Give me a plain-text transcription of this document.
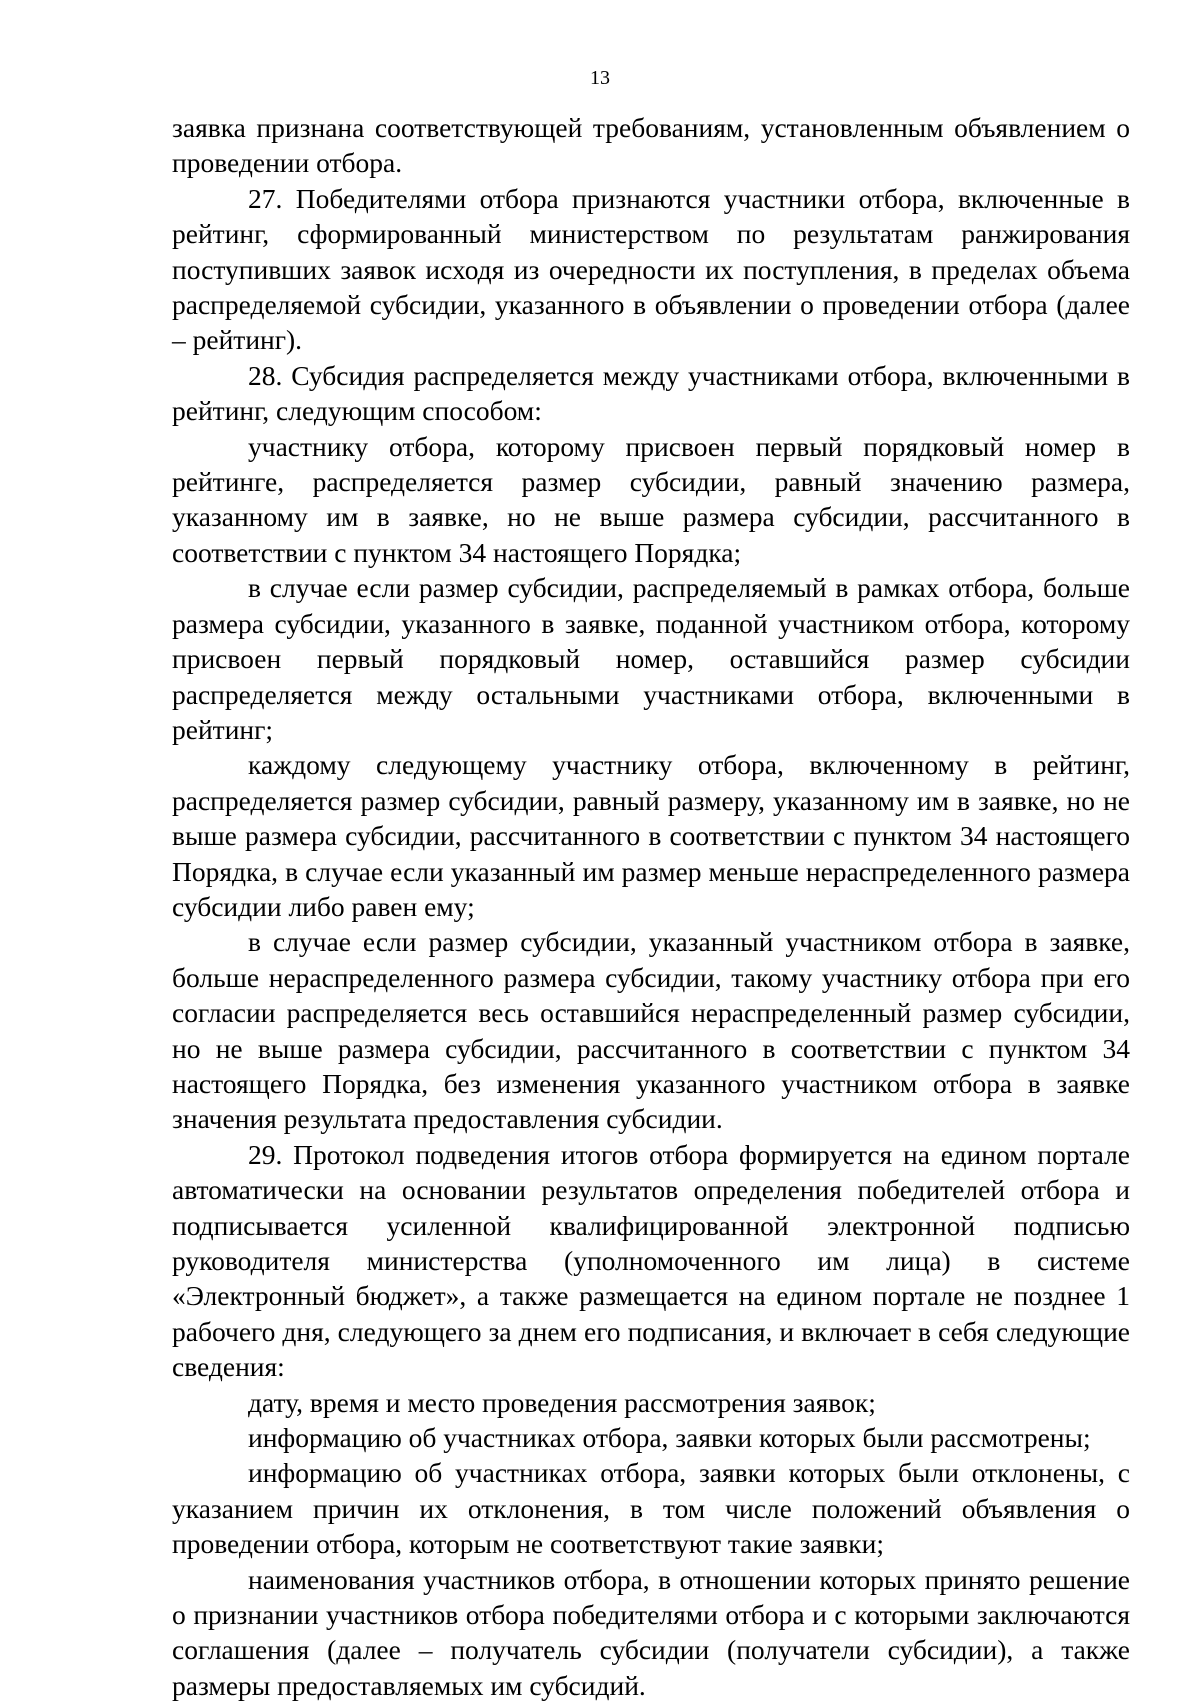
13

заявка признана соответствующей требованиям, установленным объявлением о проведении отбора.

27. Победителями отбора признаются участники отбора, включенные в рейтинг, сформированный министерством по результатам ранжирования поступивших заявок исходя из очередности их поступления, в пределах объема распределяемой субсидии, указанного в объявлении о проведении отбора (далее – рейтинг).

28. Субсидия распределяется между участниками отбора, включенными в рейтинг, следующим способом:

участнику отбора, которому присвоен первый порядковый номер в рейтинге, распределяется размер субсидии, равный значению размера, указанному им в заявке, но не выше размера субсидии, рассчитанного в соответствии с пунктом 34 настоящего Порядка;

в случае если размер субсидии, распределяемый в рамках отбора, больше размера субсидии, указанного в заявке, поданной участником отбора, которому присвоен первый порядковый номер, оставшийся размер субсидии распределяется между остальными участниками отбора, включенными в рейтинг;

каждому следующему участнику отбора, включенному в рейтинг, распределяется размер субсидии, равный размеру, указанному им в заявке, но не выше размера субсидии, рассчитанного в соответствии с пунктом 34 настоящего Порядка, в случае если указанный им размер меньше нераспределенного размера субсидии либо равен ему;

в случае если размер субсидии, указанный участником отбора в заявке, больше нераспределенного размера субсидии, такому участнику отбора при его согласии распределяется весь оставшийся нераспределенный размер субсидии, но не выше размера субсидии, рассчитанного в соответствии с пунктом 34 настоящего Порядка, без изменения указанного участником отбора в заявке значения результата предоставления субсидии.

29. Протокол подведения итогов отбора формируется на едином портале автоматически на основании результатов определения победителей отбора и подписывается усиленной квалифицированной электронной подписью руководителя министерства (уполномоченного им лица) в системе «Электронный бюджет», а также размещается на едином портале не позднее 1 рабочего дня, следующего за днем его подписания, и включает в себя следующие сведения:

дату, время и место проведения рассмотрения заявок;

информацию об участниках отбора, заявки которых были рассмотрены;

информацию об участниках отбора, заявки которых были отклонены, с указанием причин их отклонения, в том числе положений объявления о проведении отбора, которым не соответствуют такие заявки;

наименования участников отбора, в отношении которых принято решение о признании участников отбора победителями отбора и с которыми заключаются соглашения (далее – получатель субсидии (получатели субсидии), а также размеры предоставляемых им субсидий.
